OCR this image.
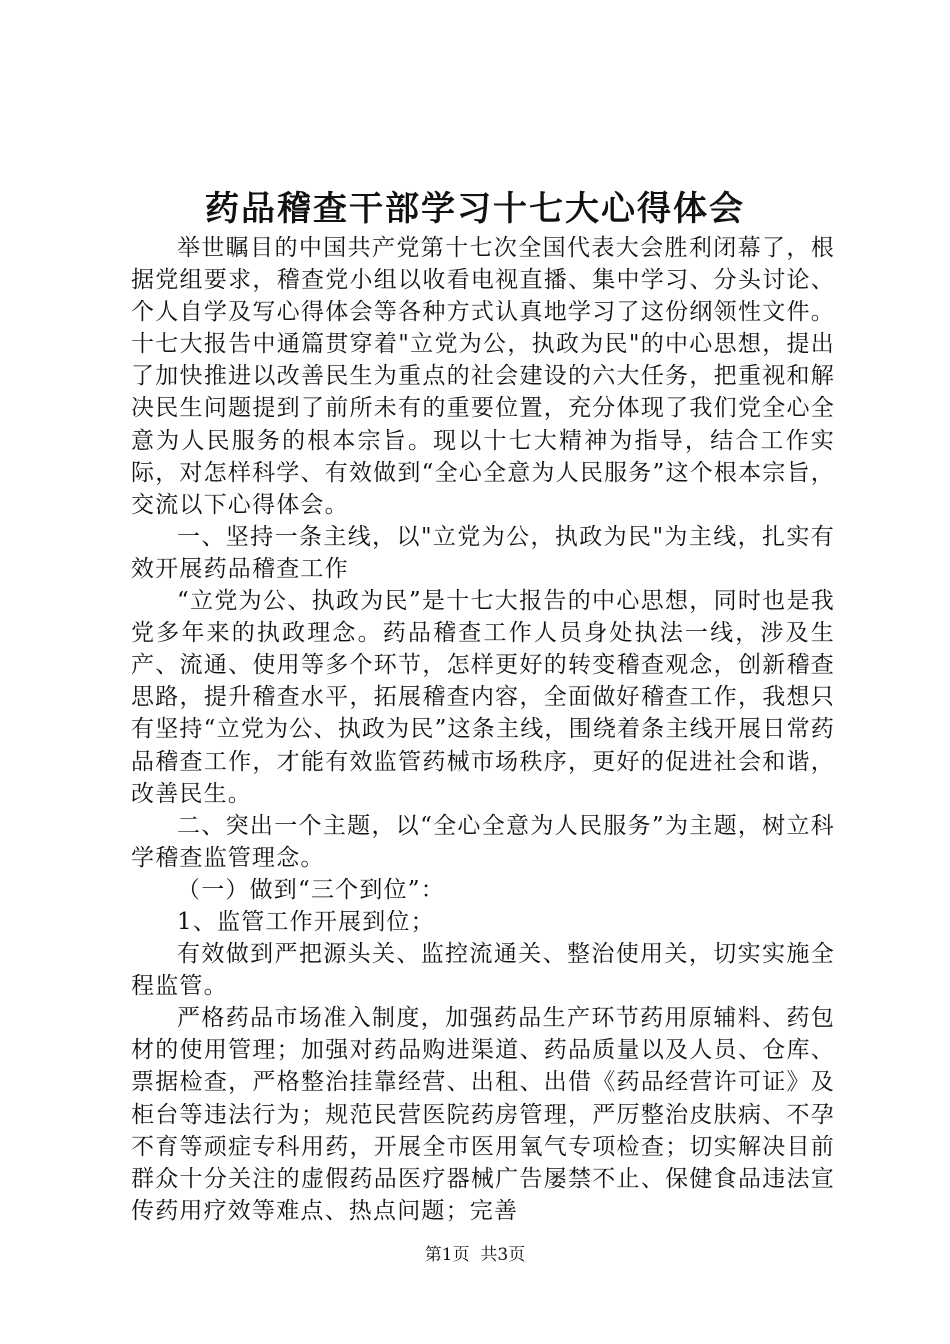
药品稽查干部学习十七大心得体会

举世瞩目的中国共产党第十七次全国代表大会胜利闭幕了，根据党组要求，稽查党小组以收看电视直播、集中学习、分头讨论、个人自学及写心得体会等各种方式认真地学习了这份纲领性文件。十七大报告中通篇贯穿着"立党为公，执政为民"的中心思想，提出了加快推进以改善民生为重点的社会建设的六大任务，把重视和解决民生问题提到了前所未有的重要位置，充分体现了我们党全心全意为人民服务的根本宗旨。现以十七大精神为指导，结合工作实际，对怎样科学、有效做到“全心全意为人民服务”这个根本宗旨，交流以下心得体会。

一、坚持一条主线，以"立党为公，执政为民"为主线，扎实有效开展药品稽查工作

“立党为公、执政为民”是十七大报告的中心思想，同时也是我党多年来的执政理念。药品稽查工作人员身处执法一线，涉及生产、流通、使用等多个环节，怎样更好的转变稽查观念，创新稽查思路，提升稽查水平，拓展稽查内容，全面做好稽查工作，我想只有坚持“立党为公、执政为民”这条主线，围绕着条主线开展日常药品稽查工作，才能有效监管药械市场秩序，更好的促进社会和谐，改善民生。

二、突出一个主题，以“全心全意为人民服务”为主题，树立科学稽查监管理念。

（一）做到“三个到位”：

1、监管工作开展到位；

有效做到严把源头关、监控流通关、整治使用关，切实实施全程监管。

严格药品市场准入制度，加强药品生产环节药用原辅料、药包材的使用管理；加强对药品购进渠道、药品质量以及人员、仓库、票据检查，严格整治挂靠经营、出租、出借《药品经营许可证》及柜台等违法行为；规范民营医院药房管理，严厉整治皮肤病、不孕不育等顽症专科用药，开展全市医用氧气专项检查；切实解决目前群众十分关注的虚假药品医疗器械广告屡禁不止、保健食品违法宣传药用疗效等难点、热点问题；完善

第1页 共3页
